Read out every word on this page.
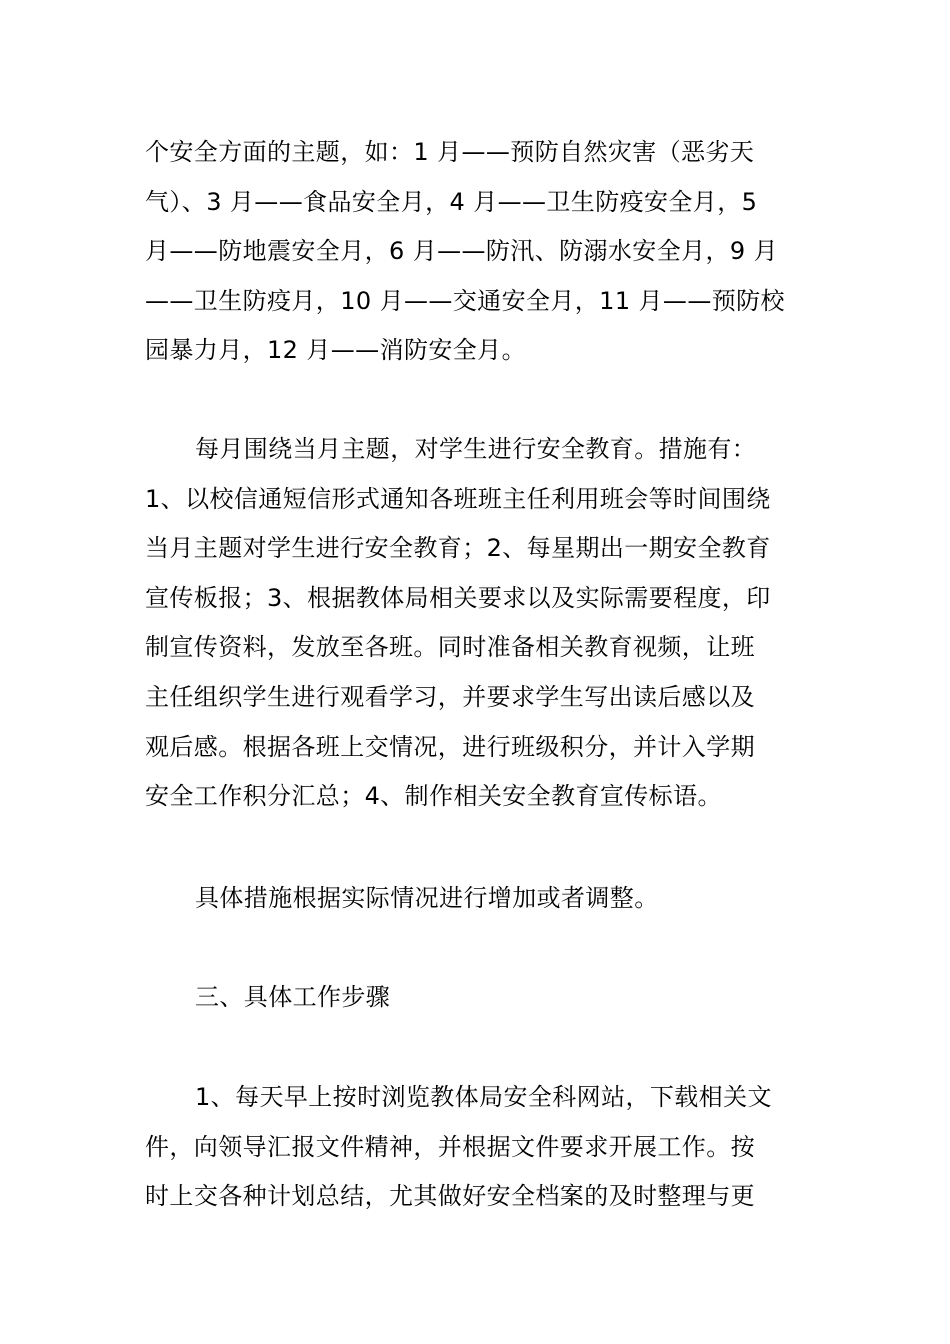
个安全方面的主题，如：1 月——预防自然灾害（恶劣天
气）、3 月——食品安全月，4 月——卫生防疫安全月，5
月——防地震安全月，6 月——防汛、防溺水安全月，9 月
——卫生防疫月，10 月——交通安全月，11 月——预防校
园暴力月，12 月——消防安全月。
每月围绕当月主题，对学生进行安全教育。措施有：
1、以校信通短信形式通知各班班主任利用班会等时间围绕
当月主题对学生进行安全教育；2、每星期出一期安全教育
宣传板报；3、根据教体局相关要求以及实际需要程度，印
制宣传资料，发放至各班。同时准备相关教育视频，让班
主任组织学生进行观看学习，并要求学生写出读后感以及
观后感。根据各班上交情况，进行班级积分，并计入学期
安全工作积分汇总；4、制作相关安全教育宣传标语。
具体措施根据实际情况进行增加或者调整。
三、具体工作步骤
1、每天早上按时浏览教体局安全科网站，下载相关文
件，向领导汇报文件精神，并根据文件要求开展工作。按
时上交各种计划总结，尤其做好安全档案的及时整理与更
